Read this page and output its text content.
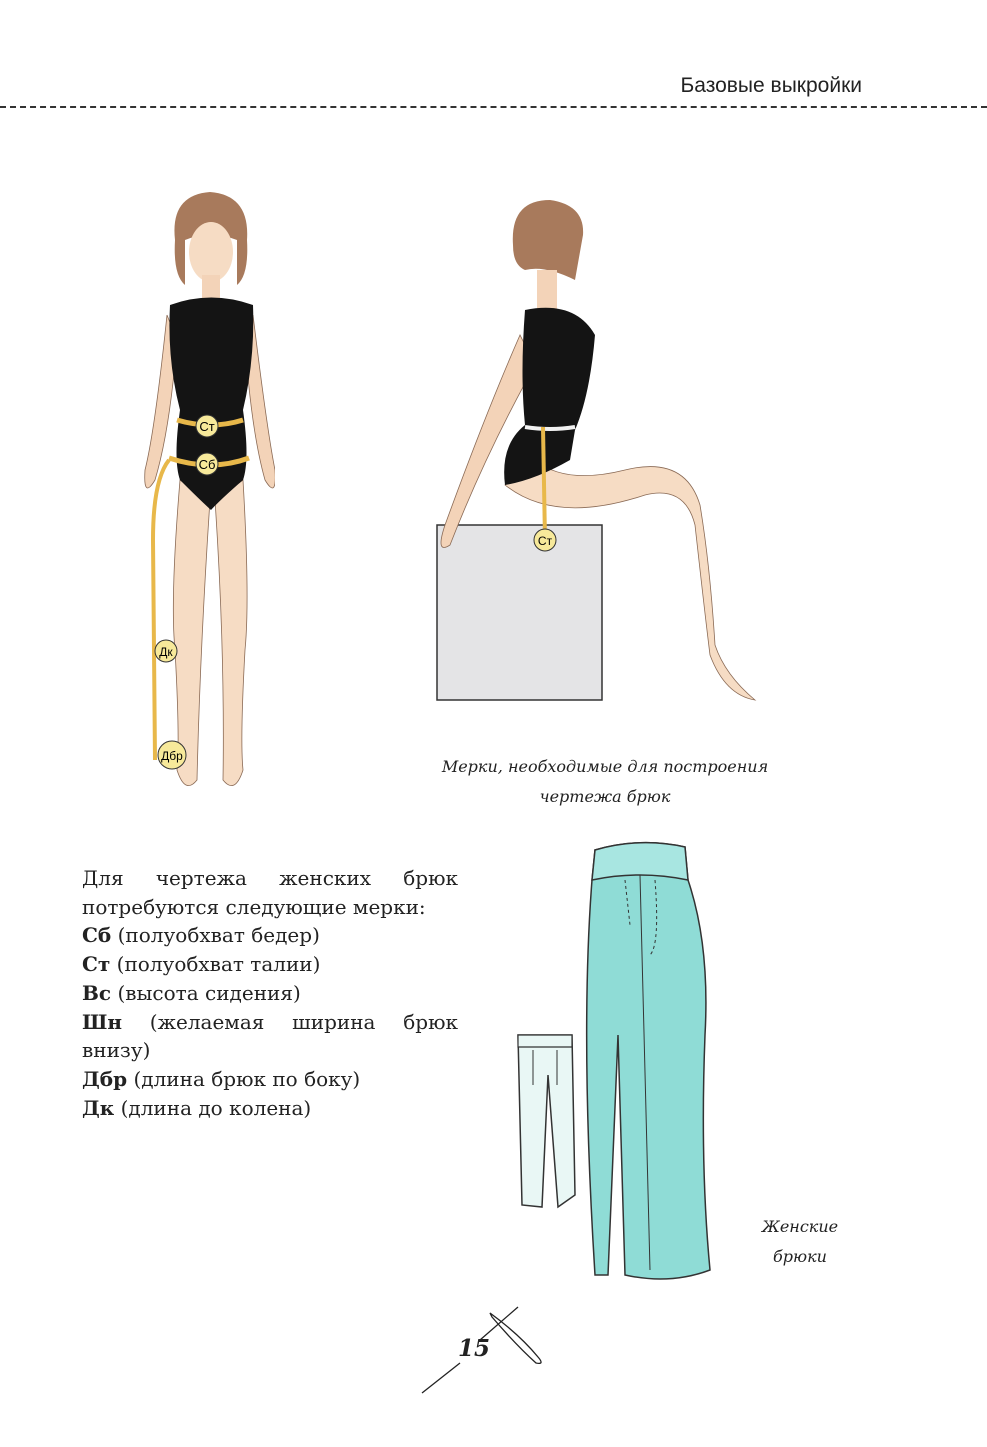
Базовые выкройки
Ст
Сб
Дк
Дбр
Ст
Мерки, необходимые для построения
чертежа брюк

Для чертежа женских брюк потребуются следующие мерки:

Сб (полуобхват бедер)

Ст (полуобхват талии)

Вс (высота сидения)

Шн (желаемая ширина брюк внизу)

Дбр (длина брюк по боку)

Дк (длина до колена)

Женские
брюки
15
